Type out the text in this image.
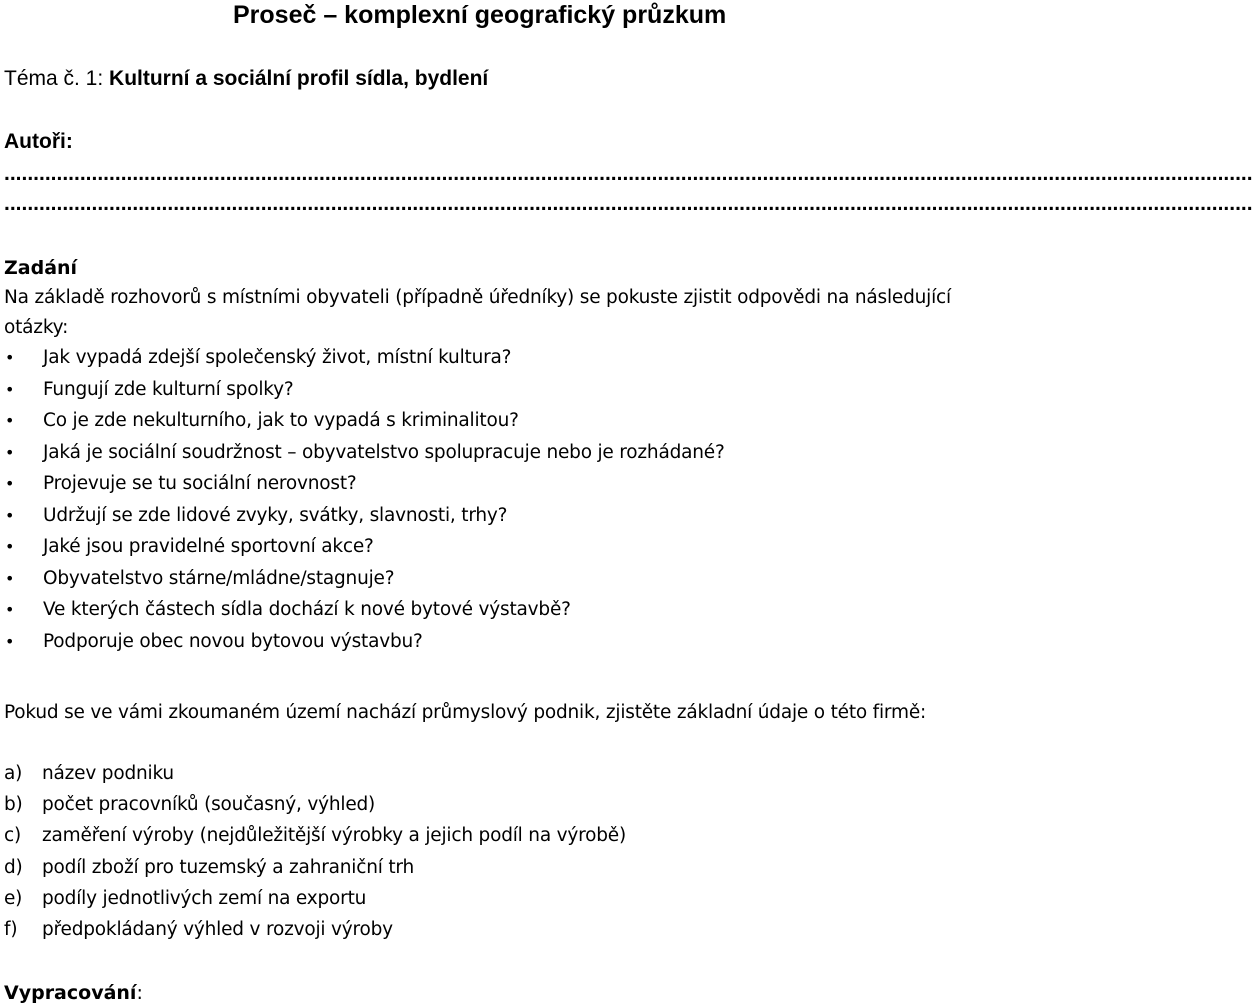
Proseč – komplexní geografický průzkum
Téma č. 1: Kulturní a sociální profil sídla, bydlení
Autoři:
......................................................................................................................................................................................................................
......................................................................................................................................................................................................................
Zadání
Na základě rozhovorů s místními obyvateli (případně úředníky) se pokuste zjistit odpovědi na následující otázky:
• Jak vypadá zdejší společenský život, místní kultura?
• Fungují zde kulturní spolky?
• Co je zde nekulturního, jak to vypadá s kriminalitou?
• Jaká je sociální soudržnost – obyvatelstvo spolupracuje nebo je rozhádané?
• Projevuje se tu sociální nerovnost?
• Udržují se zde lidové zvyky, svátky, slavnosti, trhy?
• Jaké jsou pravidelné sportovní akce?
• Obyvatelstvo stárne/mládne/stagnuje?
• Ve kterých částech sídla dochází k nové bytové výstavbě?
• Podporuje obec novou bytovou výstavbu?
Pokud se ve vámi zkoumaném území nachází průmyslový podnik, zjistěte základní údaje o této firmě:
a) název podniku
b) počet pracovníků (současný, výhled)
c) zaměření výroby (nejdůležitější výrobky a jejich podíl na výrobě)
d) podíl zboží pro tuzemský a zahraniční trh
e) podíly jednotlivých zemí na exportu
f) předpokládaný výhled v rozvoji výroby
Vypracování:
